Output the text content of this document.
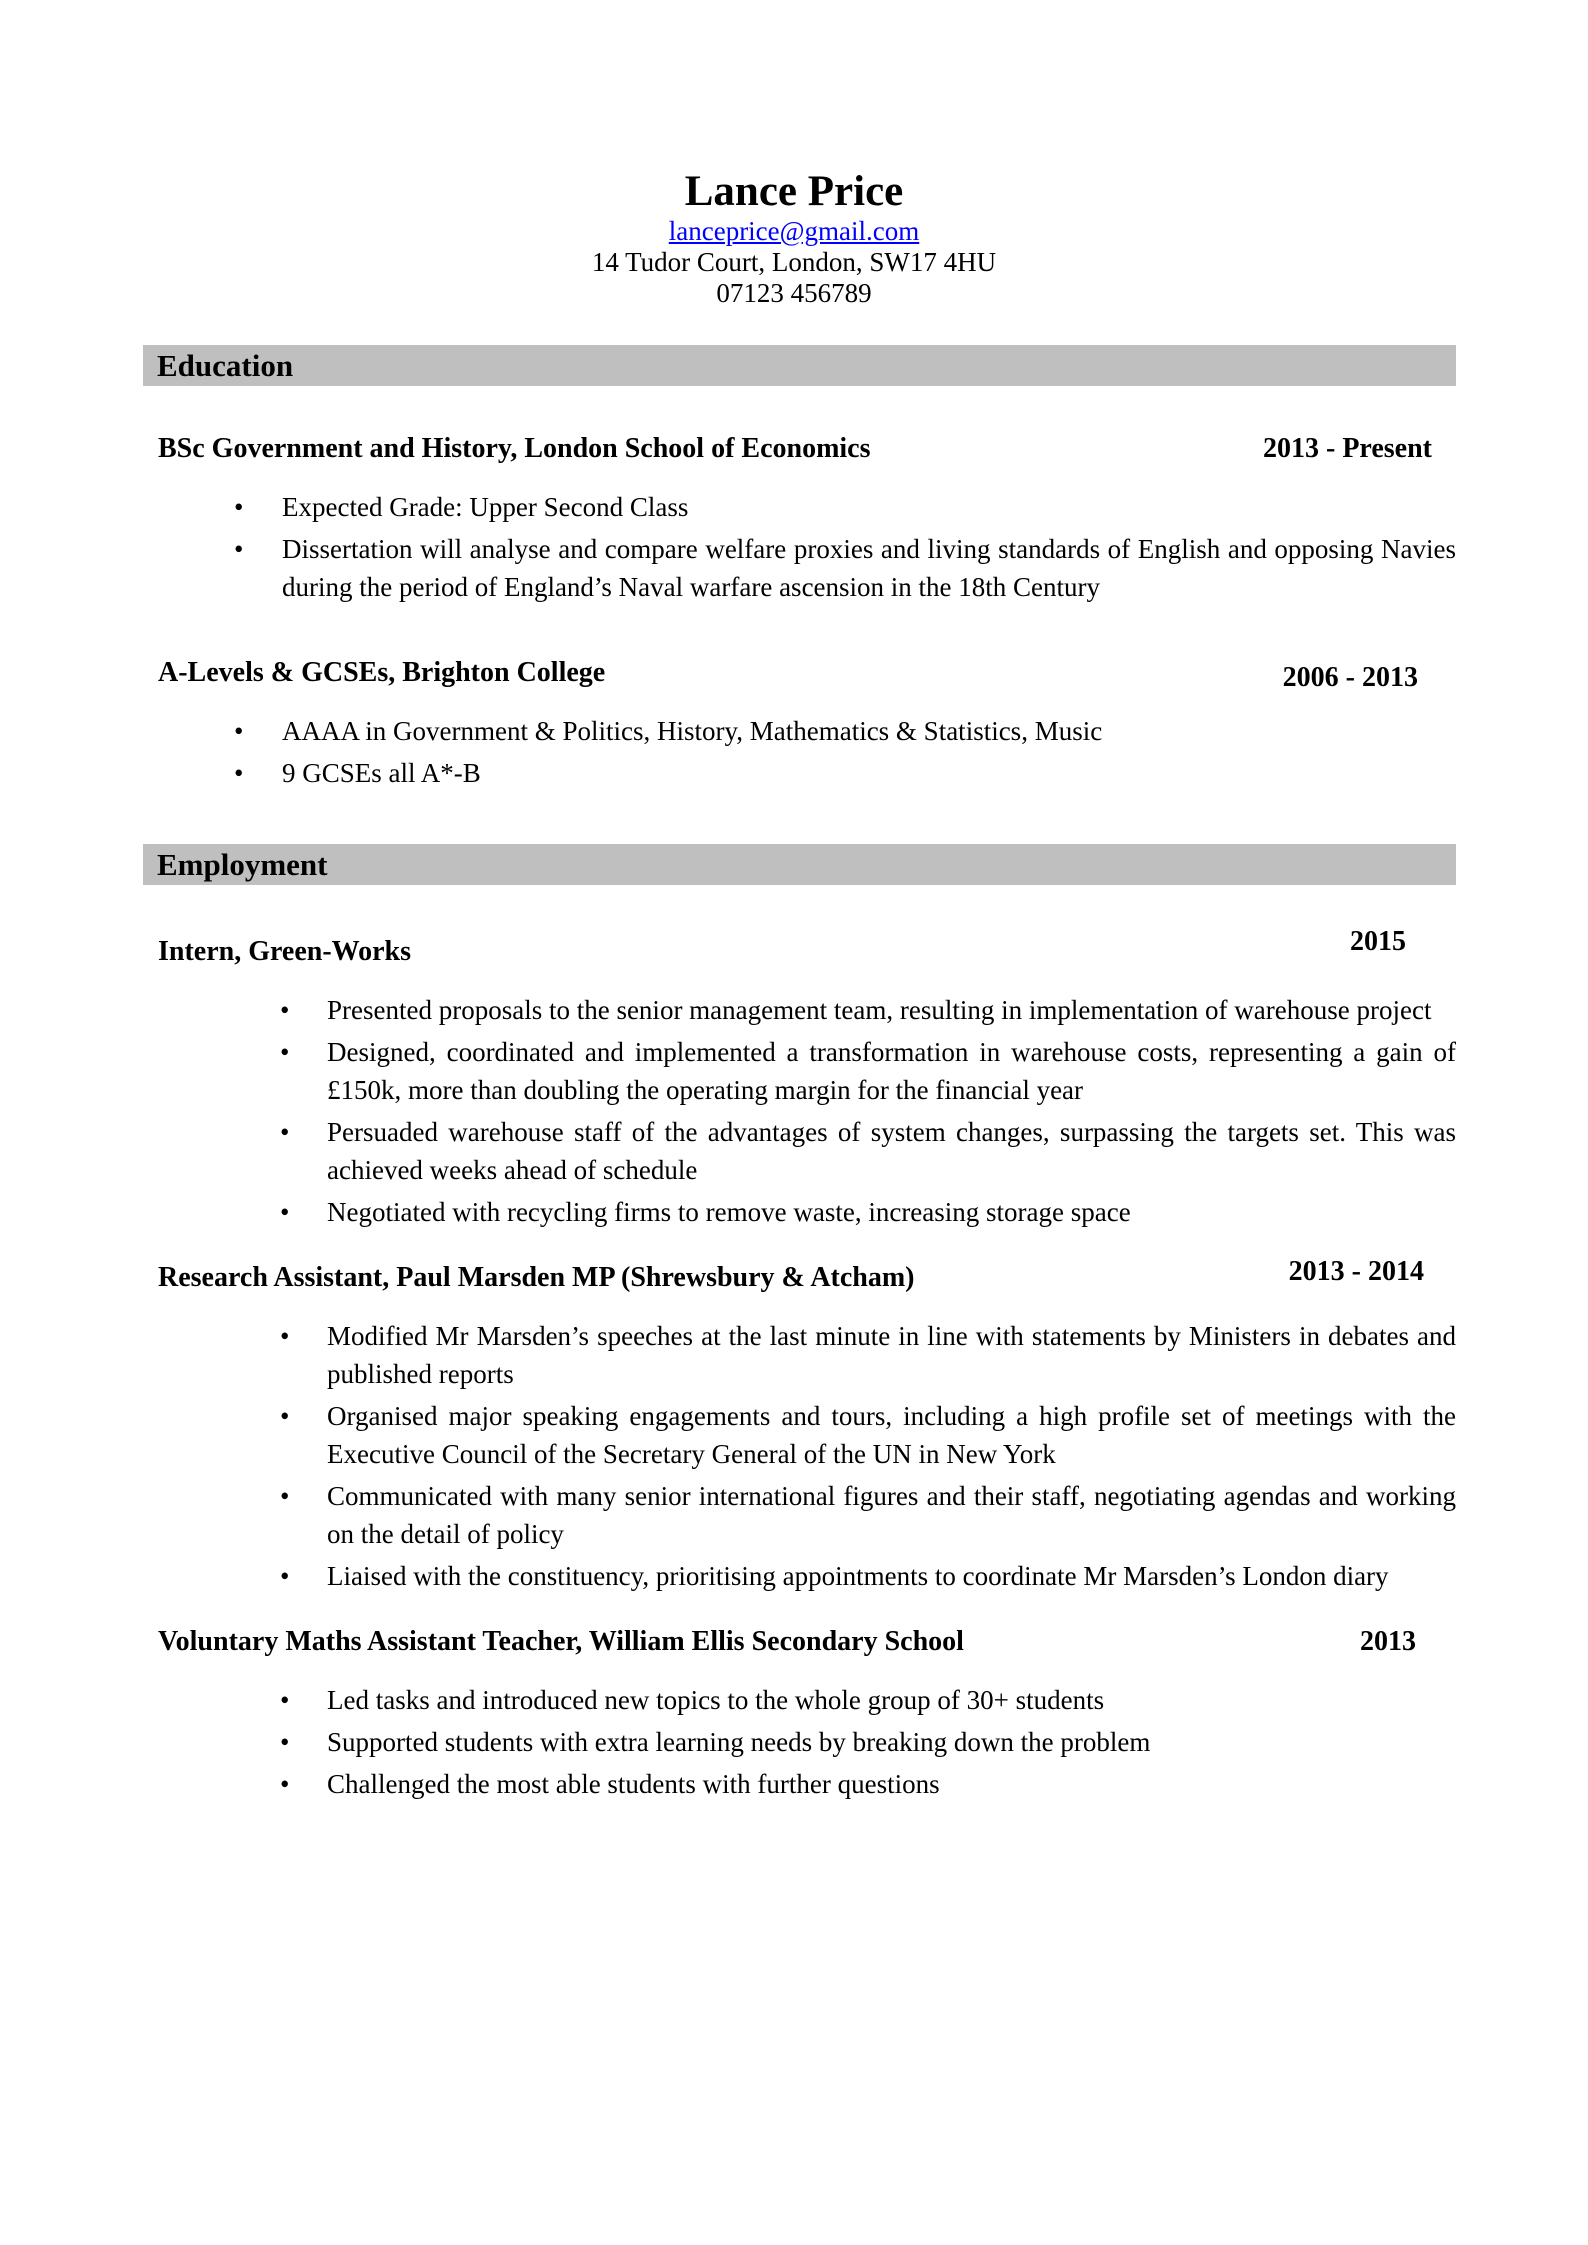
Lance Price
lanceprice@gmail.com
14 Tudor Court, London, SW17 4HU
07123 456789
Education
BSc Government and History, London School of Economics	2013 - Present
• Expected Grade: Upper Second Class
• Dissertation will analyse and compare welfare proxies and living standards of English and opposing Navies during the period of England’s Naval warfare ascension in the 18th Century
A-Levels & GCSEs, Brighton College	2006 - 2013
• AAAA in Government & Politics, History, Mathematics & Statistics, Music
• 9 GCSEs all A*-B
Employment
Intern, Green-Works	2015
• Presented proposals to the senior management team, resulting in implementation of warehouse project
• Designed, coordinated and implemented a transformation in warehouse costs, representing a gain of £150k, more than doubling the operating margin for the financial year
• Persuaded warehouse staff of the advantages of system changes, surpassing the targets set. This was achieved weeks ahead of schedule
• Negotiated with recycling firms to remove waste, increasing storage space
Research Assistant, Paul Marsden MP (Shrewsbury & Atcham)	2013 - 2014
• Modified Mr Marsden’s speeches at the last minute in line with statements by Ministers in debates and published reports
• Organised major speaking engagements and tours, including a high profile set of meetings with the Executive Council of the Secretary General of the UN in New York
• Communicated with many senior international figures and their staff, negotiating agendas and working on the detail of policy
• Liaised with the constituency, prioritising appointments to coordinate Mr Marsden’s London diary
Voluntary Maths Assistant Teacher, William Ellis Secondary School	2013
• Led tasks and introduced new topics to the whole group of 30+ students
• Supported students with extra learning needs by breaking down the problem
• Challenged the most able students with further questions
